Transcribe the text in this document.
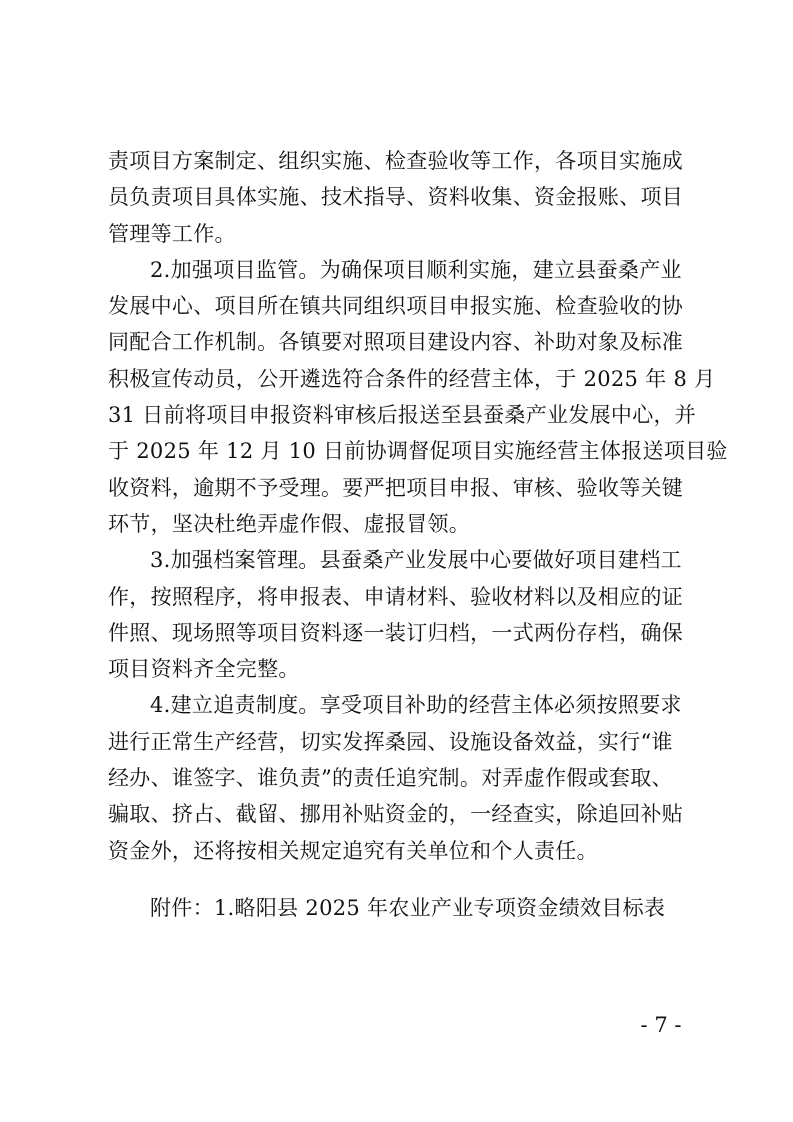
责项目方案制定、组织实施、检查验收等工作，各项目实施成
员负责项目具体实施、技术指导、资料收集、资金报账、项目
管理等工作。
2.加强项目监管。为确保项目顺利实施，建立县蚕桑产业
发展中心、项目所在镇共同组织项目申报实施、检查验收的协
同配合工作机制。各镇要对照项目建设内容、补助对象及标准
积极宣传动员，公开遴选符合条件的经营主体，于 2025 年 8 月
31 日前将项目申报资料审核后报送至县蚕桑产业发展中心，并
于 2025 年 12 月 10 日前协调督促项目实施经营主体报送项目验
收资料，逾期不予受理。要严把项目申报、审核、验收等关键
环节，坚决杜绝弄虚作假、虚报冒领。
3.加强档案管理。县蚕桑产业发展中心要做好项目建档工
作，按照程序，将申报表、申请材料、验收材料以及相应的证
件照、现场照等项目资料逐一装订归档，一式两份存档，确保
项目资料齐全完整。
4.建立追责制度。享受项目补助的经营主体必须按照要求
进行正常生产经营，切实发挥桑园、设施设备效益，实行“谁
经办、谁签字、谁负责”的责任追究制。对弄虚作假或套取、
骗取、挤占、截留、挪用补贴资金的，一经查实，除追回补贴
资金外，还将按相关规定追究有关单位和个人责任。
附件：1.略阳县 2025 年农业产业专项资金绩效目标表
- 7 -
